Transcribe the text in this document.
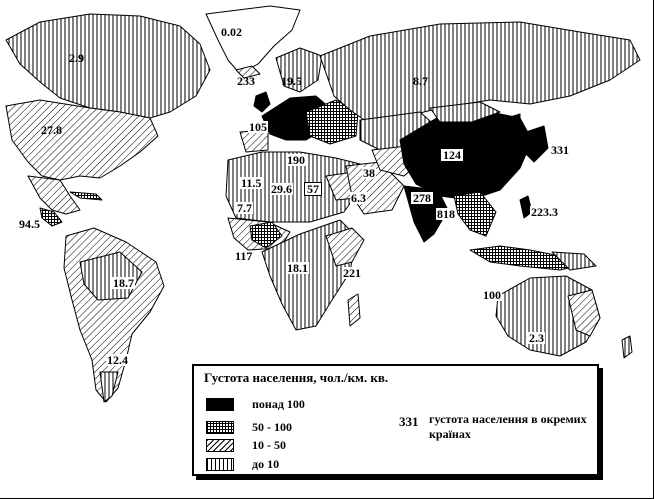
0.02
2.9
27.8
233 19.5	8.7
105
190
94.5
11.5 29.6 57
38
6.3
7.7
117
18.1	221
124	331
278
818	223.3
100
18.7
12.4
2.3
Густота населення, чол./км. кв.
понад 100
50 - 100
10 - 50
до 10
331 густота населення в окремих країнах
